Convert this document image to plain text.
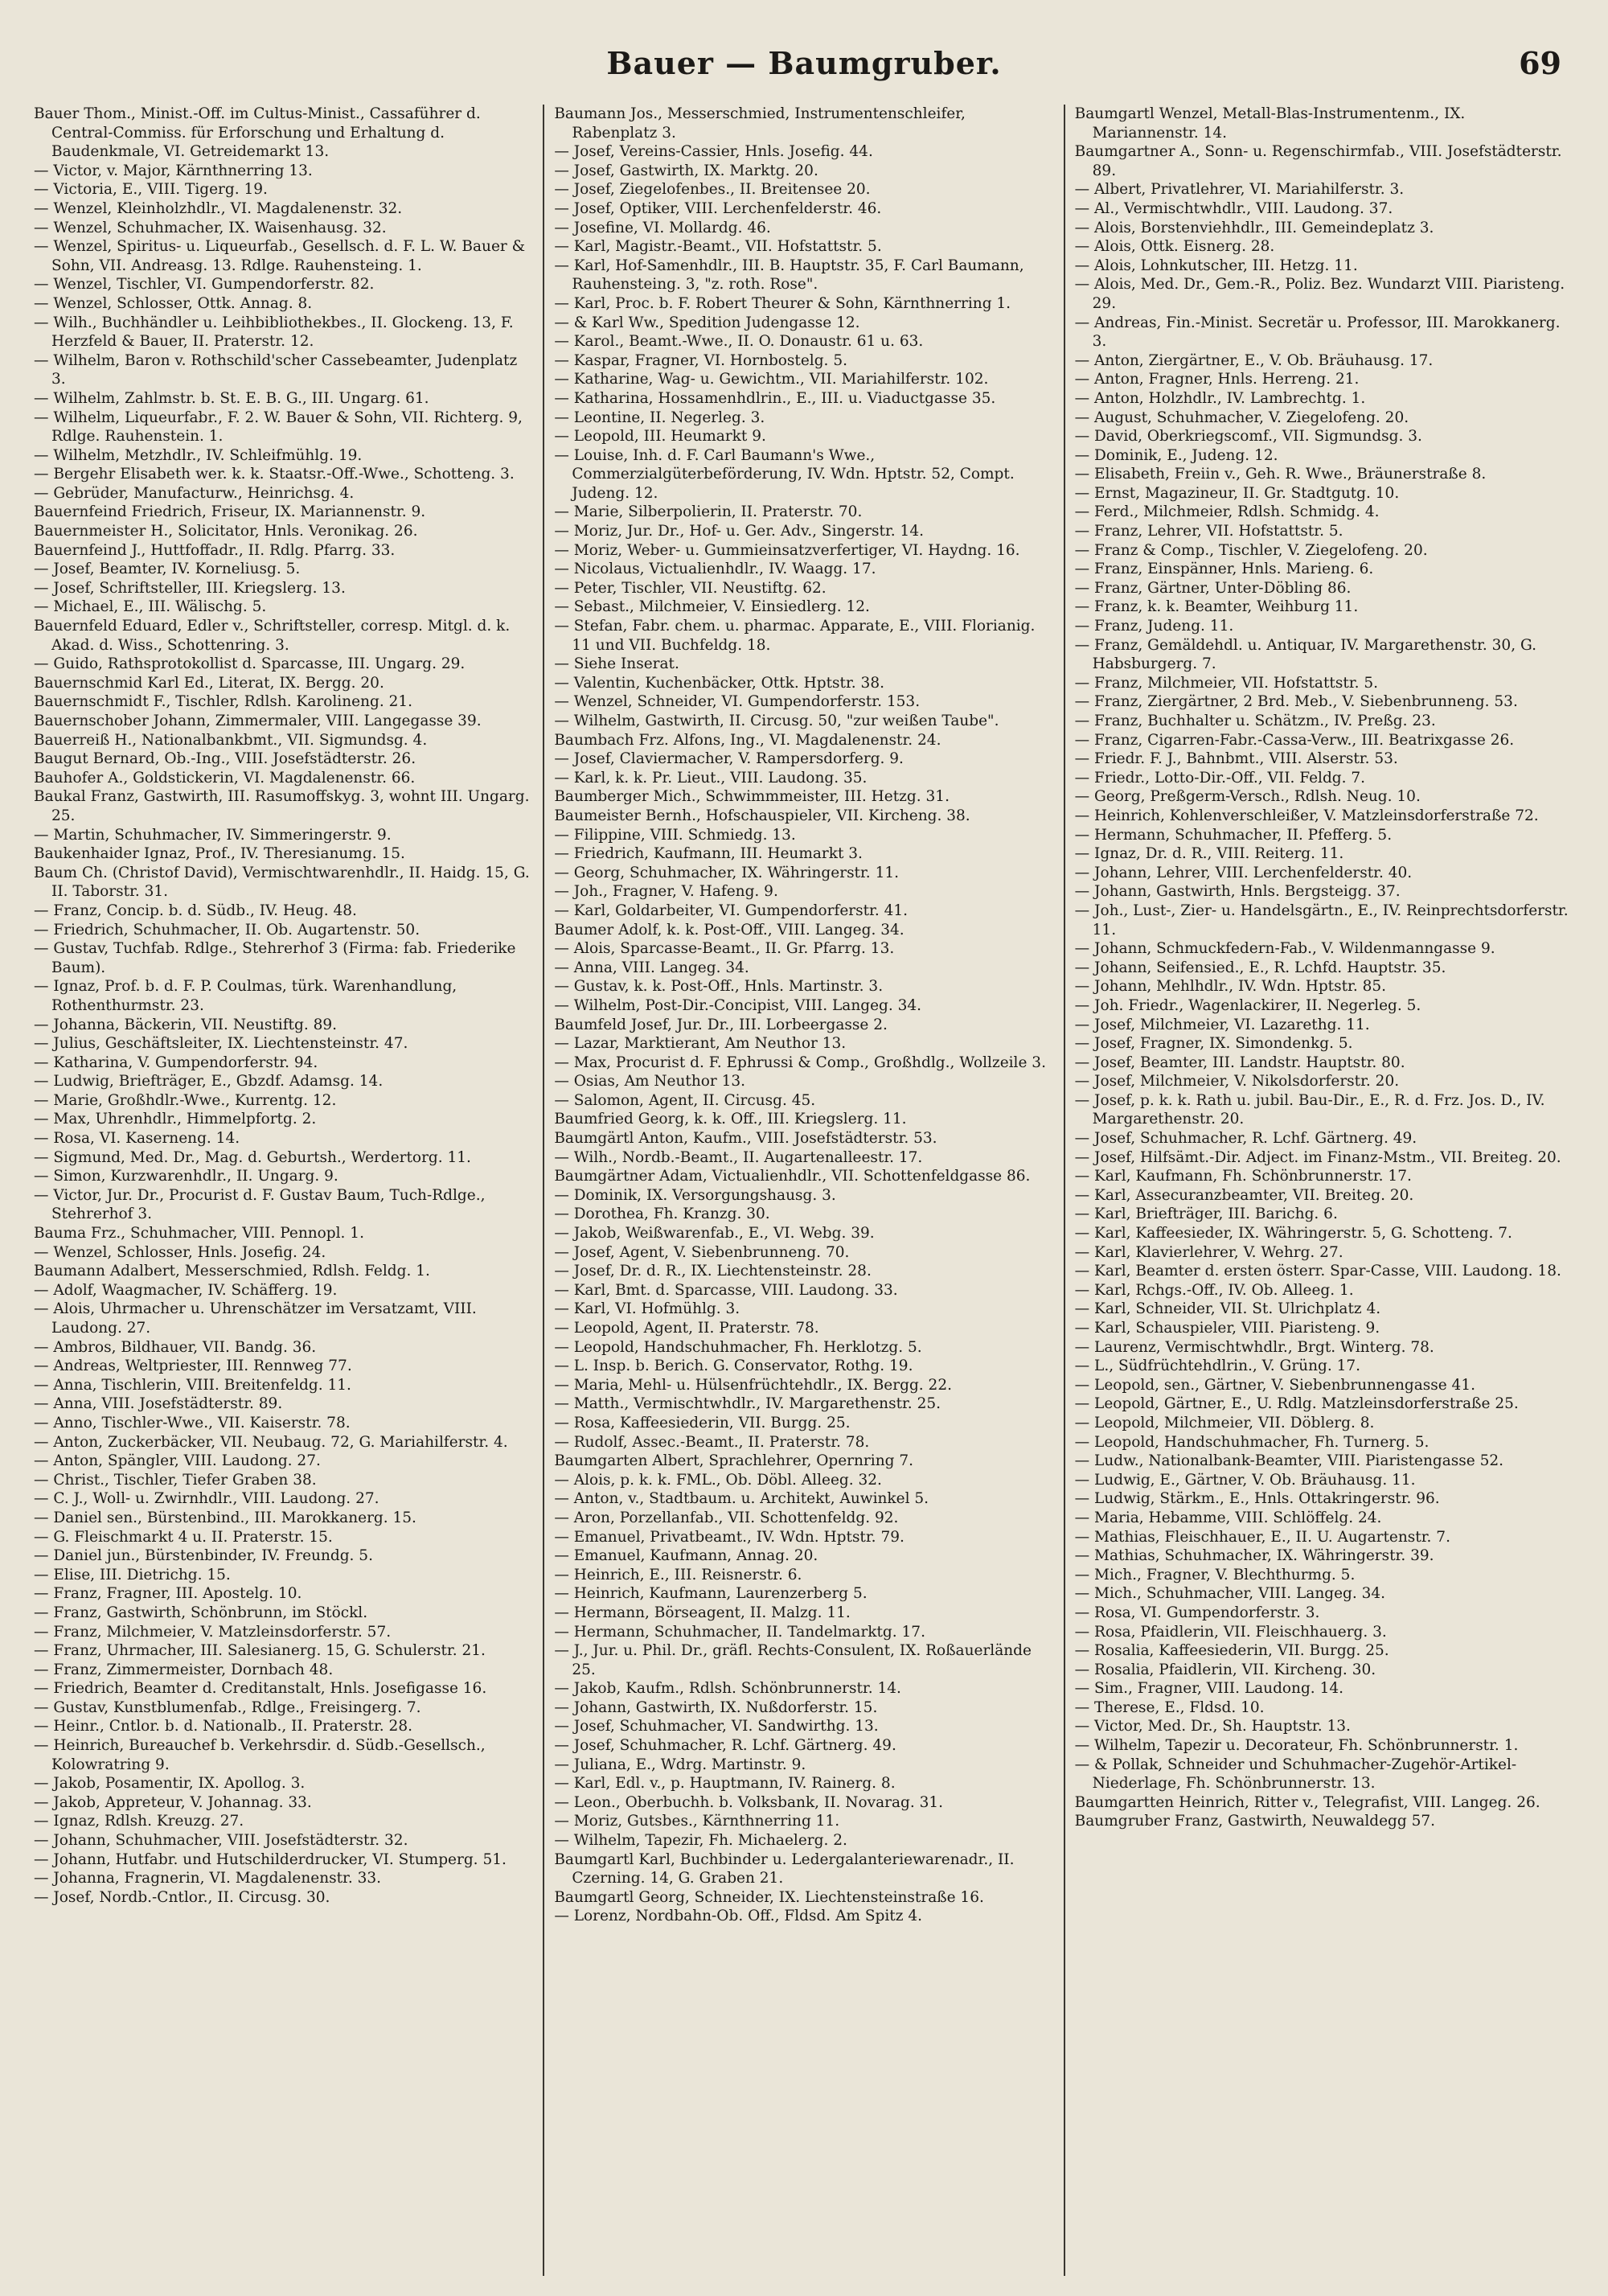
Bauer — Baumgruber.	69

Bauer Thom., Minist.-Off. im Cultus-Minist., Cassaführer d. Central-Commiss. für Erforschung und Erhaltung d. Baudenkmale, VI. Getreidemarkt 13.

— Victor, v. Major, Kärnthnerring 13.

— Victoria, E., VIII. Tigerg. 19.

— Wenzel, Kleinholzhdlr., VI. Magdalenenstr. 32.

— Wenzel, Schuhmacher, IX. Waisenhausg. 32.

— Wenzel, Spiritus- u. Liqueurfab., Gesellsch. d. F. L. W. Bauer & Sohn, VII. Andreasg. 13. Rdlge. Rauhensteing. 1.

— Wenzel, Tischler, VI. Gumpendorferstr. 82.

— Wenzel, Schlosser, Ottk. Annag. 8.

— Wilh., Buchhändler u. Leihbibliothekbes., II. Glockeng. 13, F. Herzfeld & Bauer, II. Praterstr. 12.

— Wilhelm, Baron v. Rothschild'scher Cassebeamter, Judenplatz 3.

— Wilhelm, Zahlmstr. b. St. E. B. G., III. Ungarg. 61.

— Wilhelm, Liqueurfabr., F. 2. W. Bauer & Sohn, VII. Richterg. 9, Rdlge. Rauhenstein. 1.

— Wilhelm, Metzhdlr., IV. Schleifmühlg. 19.

— Bergehr Elisabeth wer. k. k. Staatsr.-Off.-Wwe., Schotteng. 3.

— Gebrüder, Manufacturw., Heinrichsg. 4.

Bauernfeind Friedrich, Friseur, IX. Mariannenstr. 9.

Bauernmeister H., Solicitator, Hnls. Veronikag. 26.

Bauernfeind J., Huttfoffadr., II. Rdlg. Pfarrg. 33.

— Josef, Beamter, IV. Korneliusg. 5.

— Josef, Schriftsteller, III. Kriegslerg. 13.

— Michael, E., III. Wälischg. 5.

Bauernfeld Eduard, Edler v., Schriftsteller, corresp. Mitgl. d. k. Akad. d. Wiss., Schottenring. 3.

— Guido, Rathsprotokollist d. Sparcasse, III. Ungarg. 29.

Bauernschmid Karl Ed., Literat, IX. Bergg. 20.

Bauernschmidt F., Tischler, Rdlsh. Karolineng. 21.

Bauernschober Johann, Zimmermaler, VIII. Langegasse 39.

Bauerreiß H., Nationalbankbmt., VII. Sigmundsg. 4.

Baugut Bernard, Ob.-Ing., VIII. Josefstädterstr. 26.

Bauhofer A., Goldstickerin, VI. Magdalenenstr. 66.

Baukal Franz, Gastwirth, III. Rasumoffskyg. 3, wohnt III. Ungarg. 25.

— Martin, Schuhmacher, IV. Simmeringerstr. 9.

Baukenhaider Ignaz, Prof., IV. Theresianumg. 15.

Baum Ch. (Christof David), Vermischtwarenhdlr., II. Haidg. 15, G. II. Taborstr. 31.

— Franz, Concip. b. d. Südb., IV. Heug. 48.

— Friedrich, Schuhmacher, II. Ob. Augartenstr. 50.

— Gustav, Tuchfab. Rdlge., Stehrerhof 3 (Firma: fab. Friederike Baum).

— Ignaz, Prof. b. d. F. P. Coulmas, türk. Warenhandlung, Rothenthurmstr. 23.

— Johanna, Bäckerin, VII. Neustiftg. 89.

— Julius, Geschäftsleiter, IX. Liechtensteinstr. 47.

— Katharina, V. Gumpendorferstr. 94.

— Ludwig, Briefträger, E., Gbzdf. Adamsg. 14.

— Marie, Großhdlr.-Wwe., Kurrentg. 12.

— Max, Uhrenhdlr., Himmelpfortg. 2.

— Rosa, VI. Kaserneng. 14.

— Sigmund, Med. Dr., Mag. d. Geburtsh., Werdertorg. 11.

— Simon, Kurzwarenhdlr., II. Ungarg. 9.

— Victor, Jur. Dr., Procurist d. F. Gustav Baum, Tuch-Rdlge., Stehrerhof 3.

Bauma Frz., Schuhmacher, VIII. Pennopl. 1.

— Wenzel, Schlosser, Hnls. Josefig. 24.

Baumann Adalbert, Messerschmied, Rdlsh. Feldg. 1.

— Adolf, Waagmacher, IV. Schäfferg. 19.

— Alois, Uhrmacher u. Uhrenschätzer im Versatzamt, VIII. Laudong. 27.

— Ambros, Bildhauer, VII. Bandg. 36.

— Andreas, Weltpriester, III. Rennweg 77.

— Anna, Tischlerin, VIII. Breitenfeldg. 11.

— Anna, VIII. Josefstädterstr. 89.

— Anno, Tischler-Wwe., VII. Kaiserstr. 78.

— Anton, Zuckerbäcker, VII. Neubaug. 72, G. Mariahilferstr. 4.

— Anton, Spängler, VIII. Laudong. 27.

— Christ., Tischler, Tiefer Graben 38.

— C. J., Woll- u. Zwirnhdlr., VIII. Laudong. 27.

— Daniel sen., Bürstenbind., III. Marokkanerg. 15.

— G. Fleischmarkt 4 u. II. Praterstr. 15.

— Daniel jun., Bürstenbinder, IV. Freundg. 5.

— Elise, III. Dietrichg. 15.

— Franz, Fragner, III. Apostelg. 10.

— Franz, Gastwirth, Schönbrunn, im Stöckl.

— Franz, Milchmeier, V. Matzleinsdorferstr. 57.

— Franz, Uhrmacher, III. Salesianerg. 15, G. Schulerstr. 21.

— Franz, Zimmermeister, Dornbach 48.

— Friedrich, Beamter d. Creditanstalt, Hnls. Josefigasse 16.

— Gustav, Kunstblumenfab., Rdlge., Freisingerg. 7.

— Heinr., Cntlor. b. d. Nationalb., II. Praterstr. 28.

— Heinrich, Bureauchef b. Verkehrsdir. d. Südb.-Gesellsch., Kolowratring 9.

— Jakob, Posamentir, IX. Apollog. 3.

— Jakob, Appreteur, V. Johannag. 33.

— Ignaz, Rdlsh. Kreuzg. 27.

— Johann, Schuhmacher, VIII. Josefstädterstr. 32.

— Johann, Hutfabr. und Hutschilderdrucker, VI. Stumperg. 51.

— Johanna, Fragnerin, VI. Magdalenenstr. 33.

— Josef, Nordb.-Cntlor., II. Circusg. 30.

Baumann Jos., Messerschmied, Instrumentenschleifer, Rabenplatz 3.

— Josef, Vereins-Cassier, Hnls. Josefig. 44.

— Josef, Gastwirth, IX. Marktg. 20.

— Josef, Ziegelofenbes., II. Breitensee 20.

— Josef, Optiker, VIII. Lerchenfelderstr. 46.

— Josefine, VI. Mollardg. 46.

— Karl, Magistr.-Beamt., VII. Hofstattstr. 5.

— Karl, Hof-Samenhdlr., III. B. Hauptstr. 35, F. Carl Baumann, Rauhensteing. 3, "z. roth. Rose".

— Karl, Proc. b. F. Robert Theurer & Sohn, Kärnthnerring 1.

— & Karl Ww., Spedition Judengasse 12.

— Karol., Beamt.-Wwe., II. O. Donaustr. 61 u. 63.

— Kaspar, Fragner, VI. Hornbostelg. 5.

— Katharine, Wag- u. Gewichtm., VII. Mariahilferstr. 102.

— Katharina, Hossamenhdlrin., E., III. u. Viaductgasse 35.

— Leontine, II. Negerleg. 3.

— Leopold, III. Heumarkt 9.

— Louise, Inh. d. F. Carl Baumann's Wwe., Commerzialgüterbeförderung, IV. Wdn. Hptstr. 52, Compt. Judeng. 12.

— Marie, Silberpolierin, II. Praterstr. 70.

— Moriz, Jur. Dr., Hof- u. Ger. Adv., Singerstr. 14.

— Moriz, Weber- u. Gummieinsatzverfertiger, VI. Haydng. 16.

— Nicolaus, Victualienhdlr., IV. Waagg. 17.

— Peter, Tischler, VII. Neustiftg. 62.

— Sebast., Milchmeier, V. Einsiedlerg. 12.

— Stefan, Fabr. chem. u. pharmac. Apparate, E., VIII. Florianig. 11 und VII. Buchfeldg. 18.

— Siehe Inserat.

— Valentin, Kuchenbäcker, Ottk. Hptstr. 38.

— Wenzel, Schneider, VI. Gumpendorferstr. 153.

— Wilhelm, Gastwirth, II. Circusg. 50, "zur weißen Taube".

Baumbach Frz. Alfons, Ing., VI. Magdalenenstr. 24.

— Josef, Claviermacher, V. Rampersdorferg. 9.

— Karl, k. k. Pr. Lieut., VIII. Laudong. 35.

Baumberger Mich., Schwimmmeister, III. Hetzg. 31.

Baumeister Bernh., Hofschauspieler, VII. Kircheng. 38.

— Filippine, VIII. Schmiedg. 13.

— Friedrich, Kaufmann, III. Heumarkt 3.

— Georg, Schuhmacher, IX. Währingerstr. 11.

— Joh., Fragner, V. Hafeng. 9.

— Karl, Goldarbeiter, VI. Gumpendorferstr. 41.

Baumer Adolf, k. k. Post-Off., VIII. Langeg. 34.

— Alois, Sparcasse-Beamt., II. Gr. Pfarrg. 13.

— Anna, VIII. Langeg. 34.

— Gustav, k. k. Post-Off., Hnls. Martinstr. 3.

— Wilhelm, Post-Dir.-Concipist, VIII. Langeg. 34.

Baumfeld Josef, Jur. Dr., III. Lorbeergasse 2.

— Lazar, Marktierant, Am Neuthor 13.

— Max, Procurist d. F. Ephrussi & Comp., Großhdlg., Wollzeile 3.

— Osias, Am Neuthor 13.

— Salomon, Agent, II. Circusg. 45.

Baumfried Georg, k. k. Off., III. Kriegslerg. 11.

Baumgärtl Anton, Kaufm., VIII. Josefstädterstr. 53.

— Wilh., Nordb.-Beamt., II. Augartenalleestr. 17.

Baumgärtner Adam, Victualienhdlr., VII. Schottenfeldgasse 86.

— Dominik, IX. Versorgungshausg. 3.

— Dorothea, Fh. Kranzg. 30.

— Jakob, Weißwarenfab., E., VI. Webg. 39.

— Josef, Agent, V. Siebenbrunneng. 70.

— Josef, Dr. d. R., IX. Liechtensteinstr. 28.

— Karl, Bmt. d. Sparcasse, VIII. Laudong. 33.

— Karl, VI. Hofmühlg. 3.

— Leopold, Agent, II. Praterstr. 78.

— Leopold, Handschuhmacher, Fh. Herklotzg. 5.

— L. Insp. b. Berich. G. Conservator, Rothg. 19.

— Maria, Mehl- u. Hülsenfrüchtehdlr., IX. Bergg. 22.

— Matth., Vermischtwhdlr., IV. Margarethenstr. 25.

— Rosa, Kaffeesiederin, VII. Burgg. 25.

— Rudolf, Assec.-Beamt., II. Praterstr. 78.

Baumgarten Albert, Sprachlehrer, Opernring 7.

— Alois, p. k. k. FML., Ob. Döbl. Alleeg. 32.

— Anton, v., Stadtbaum. u. Architekt, Auwinkel 5.

— Aron, Porzellanfab., VII. Schottenfeldg. 92.

— Emanuel, Privatbeamt., IV. Wdn. Hptstr. 79.

— Emanuel, Kaufmann, Annag. 20.

— Heinrich, E., III. Reisnerstr. 6.

— Heinrich, Kaufmann, Laurenzerberg 5.

— Hermann, Börseagent, II. Malzg. 11.

— Hermann, Schuhmacher, II. Tandelmarktg. 17.

— J., Jur. u. Phil. Dr., gräfl. Rechts-Consulent, IX. Roßauerlände 25.

— Jakob, Kaufm., Rdlsh. Schönbrunnerstr. 14.

— Johann, Gastwirth, IX. Nußdorferstr. 15.

— Josef, Schuhmacher, VI. Sandwirthg. 13.

— Josef, Schuhmacher, R. Lchf. Gärtnerg. 49.

— Juliana, E., Wdrg. Martinstr. 9.

— Karl, Edl. v., p. Hauptmann, IV. Rainerg. 8.

— Leon., Oberbuchh. b. Volksbank, II. Novarag. 31.

— Moriz, Gutsbes., Kärnthnerring 11.

— Wilhelm, Tapezir, Fh. Michaelerg. 2.

Baumgartl Karl, Buchbinder u. Ledergalanteriewarenadr., II. Czerning. 14, G. Graben 21.

Baumgartl Georg, Schneider, IX. Liechtensteinstraße 16.

— Lorenz, Nordbahn-Ob. Off., Fldsd. Am Spitz 4.

Baumgartl Wenzel, Metall-Blas-Instrumentenm., IX. Mariannenstr. 14.

Baumgartner A., Sonn- u. Regenschirmfab., VIII. Josefstädterstr. 89.

— Albert, Privatlehrer, VI. Mariahilferstr. 3.

— Al., Vermischtwhdlr., VIII. Laudong. 37.

— Alois, Borstenviehhdlr., III. Gemeindeplatz 3.

— Alois, Ottk. Eisnerg. 28.

— Alois, Lohnkutscher, III. Hetzg. 11.

— Alois, Med. Dr., Gem.-R., Poliz. Bez. Wundarzt VIII. Piaristeng. 29.

— Andreas, Fin.-Minist. Secretär u. Professor, III. Marokkanerg. 3.

— Anton, Ziergärtner, E., V. Ob. Bräuhausg. 17.

— Anton, Fragner, Hnls. Herreng. 21.

— Anton, Holzhdlr., IV. Lambrechtg. 1.

— August, Schuhmacher, V. Ziegelofeng. 20.

— David, Oberkriegscomf., VII. Sigmundsg. 3.

— Dominik, E., Judeng. 12.

— Elisabeth, Freiin v., Geh. R. Wwe., Bräunerstraße 8.

— Ernst, Magazineur, II. Gr. Stadtgutg. 10.

— Ferd., Milchmeier, Rdlsh. Schmidg. 4.

— Franz, Lehrer, VII. Hofstattstr. 5.

— Franz & Comp., Tischler, V. Ziegelofeng. 20.

— Franz, Einspänner, Hnls. Marieng. 6.

— Franz, Gärtner, Unter-Döbling 86.

— Franz, k. k. Beamter, Weihburg 11.

— Franz, Judeng. 11.

— Franz, Gemäldehdl. u. Antiquar, IV. Margarethenstr. 30, G. Habsburgerg. 7.

— Franz, Milchmeier, VII. Hofstattstr. 5.

— Franz, Ziergärtner, 2 Brd. Meb., V. Siebenbrunneng. 53.

— Franz, Buchhalter u. Schätzm., IV. Preßg. 23.

— Franz, Cigarren-Fabr.-Cassa-Verw., III. Beatrixgasse 26.

— Friedr. F. J., Bahnbmt., VIII. Alserstr. 53.

— Friedr., Lotto-Dir.-Off., VII. Feldg. 7.

— Georg, Preßgerm-Versch., Rdlsh. Neug. 10.

— Heinrich, Kohlenverschleißer, V. Matzleinsdorferstraße 72.

— Hermann, Schuhmacher, II. Pfefferg. 5.

— Ignaz, Dr. d. R., VIII. Reiterg. 11.

— Johann, Lehrer, VIII. Lerchenfelderstr. 40.

— Johann, Gastwirth, Hnls. Bergsteigg. 37.

— Joh., Lust-, Zier- u. Handelsgärtn., E., IV. Reinprechtsdorferstr. 11.

— Johann, Schmuckfedern-Fab., V. Wildenmanngasse 9.

— Johann, Seifensied., E., R. Lchfd. Hauptstr. 35.

— Johann, Mehlhdlr., IV. Wdn. Hptstr. 85.

— Joh. Friedr., Wagenlackirer, II. Negerleg. 5.

— Josef, Milchmeier, VI. Lazarethg. 11.

— Josef, Fragner, IX. Simondenkg. 5.

— Josef, Beamter, III. Landstr. Hauptstr. 80.

— Josef, Milchmeier, V. Nikolsdorferstr. 20.

— Josef, p. k. k. Rath u. jubil. Bau-Dir., E., R. d. Frz. Jos. D., IV. Margarethenstr. 20.

— Josef, Schuhmacher, R. Lchf. Gärtnerg. 49.

— Josef, Hilfsämt.-Dir. Adject. im Finanz-Mstm., VII. Breiteg. 20.

— Karl, Kaufmann, Fh. Schönbrunnerstr. 17.

— Karl, Assecuranzbeamter, VII. Breiteg. 20.

— Karl, Briefträger, III. Barichg. 6.

— Karl, Kaffeesieder, IX. Währingerstr. 5, G. Schotteng. 7.

— Karl, Klavierlehrer, V. Wehrg. 27.

— Karl, Beamter d. ersten österr. Spar-Casse, VIII. Laudong. 18.

— Karl, Rchgs.-Off., IV. Ob. Alleeg. 1.

— Karl, Schneider, VII. St. Ulrichplatz 4.

— Karl, Schauspieler, VIII. Piaristeng. 9.

— Laurenz, Vermischtwhdlr., Brgt. Winterg. 78.

— L., Südfrüchtehdlrin., V. Grüng. 17.

— Leopold, sen., Gärtner, V. Siebenbrunnengasse 41.

— Leopold, Gärtner, E., U. Rdlg. Matzleinsdorferstraße 25.

— Leopold, Milchmeier, VII. Döblerg. 8.

— Leopold, Handschuhmacher, Fh. Turnerg. 5.

— Ludw., Nationalbank-Beamter, VIII. Piaristengasse 52.

— Ludwig, E., Gärtner, V. Ob. Bräuhausg. 11.

— Ludwig, Stärkm., E., Hnls. Ottakringerstr. 96.

— Maria, Hebamme, VIII. Schlöffelg. 24.

— Mathias, Fleischhauer, E., II. U. Augartenstr. 7.

— Mathias, Schuhmacher, IX. Währingerstr. 39.

— Mich., Fragner, V. Blechthurmg. 5.

— Mich., Schuhmacher, VIII. Langeg. 34.

— Rosa, VI. Gumpendorferstr. 3.

— Rosa, Pfaidlerin, VII. Fleischhauerg. 3.

— Rosalia, Kaffeesiederin, VII. Burgg. 25.

— Rosalia, Pfaidlerin, VII. Kircheng. 30.

— Sim., Fragner, VIII. Laudong. 14.

— Therese, E., Fldsd. 10.

— Victor, Med. Dr., Sh. Hauptstr. 13.

— Wilhelm, Tapezir u. Decorateur, Fh. Schönbrunnerstr. 1.

— & Pollak, Schneider und Schuhmacher-Zugehör-Artikel-Niederlage, Fh. Schönbrunnerstr. 13.

Baumgartten Heinrich, Ritter v., Telegrafist, VIII. Langeg. 26.

Baumgruber Franz, Gastwirth, Neuwaldegg 57.
